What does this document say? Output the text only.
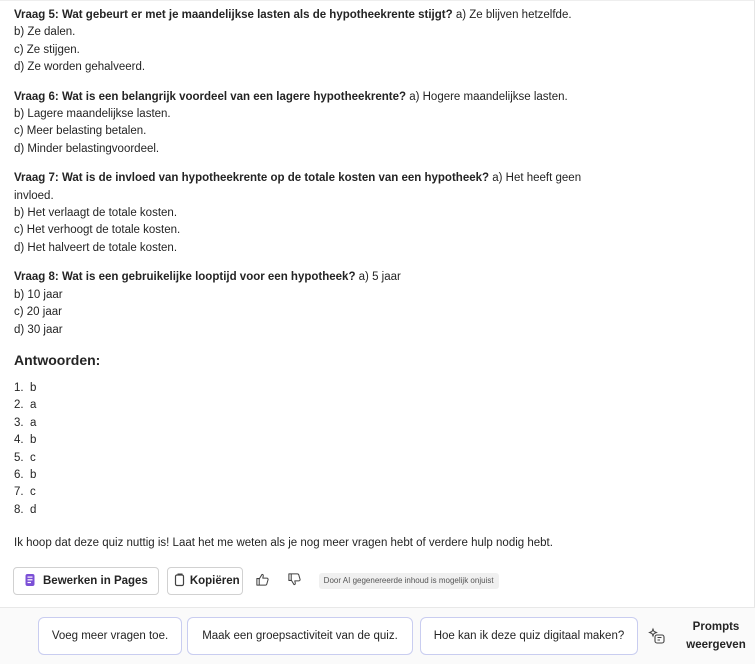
Vraag 5: Wat gebeurt er met je maandelijkse lasten als de hypotheekrente stijgt? a) Ze blijven hetzelfde.
b) Ze dalen.
c) Ze stijgen.
d) Ze worden gehalveerd.
Vraag 6: Wat is een belangrijk voordeel van een lagere hypotheekrente? a) Hogere maandelijkse lasten.
b) Lagere maandelijkse lasten.
c) Meer belasting betalen.
d) Minder belastingvoordeel.
Vraag 7: Wat is de invloed van hypotheekrente op de totale kosten van een hypotheek? a) Het heeft geen invloed.
b) Het verlaagt de totale kosten.
c) Het verhoogt de totale kosten.
d) Het halveert de totale kosten.
Vraag 8: Wat is een gebruikelijke looptijd voor een hypotheek? a) 5 jaar
b) 10 jaar
c) 20 jaar
d) 30 jaar
Antwoorden:
1. b
2. a
3. a
4. b
5. c
6. b
7. c
8. d

Ik hoop dat deze quiz nuttig is! Laat het me weten als je nog meer vragen hebt of verdere hulp nodig hebt.

Bewerken in Pages	Kopiëren	Door AI gegenereerde inhoud is mogelijk onjuist
Voeg meer vragen toe.	Maak een groepsactiviteit van de quiz.	Hoe kan ik deze quiz digitaal maken?
Prompts
weergeven
